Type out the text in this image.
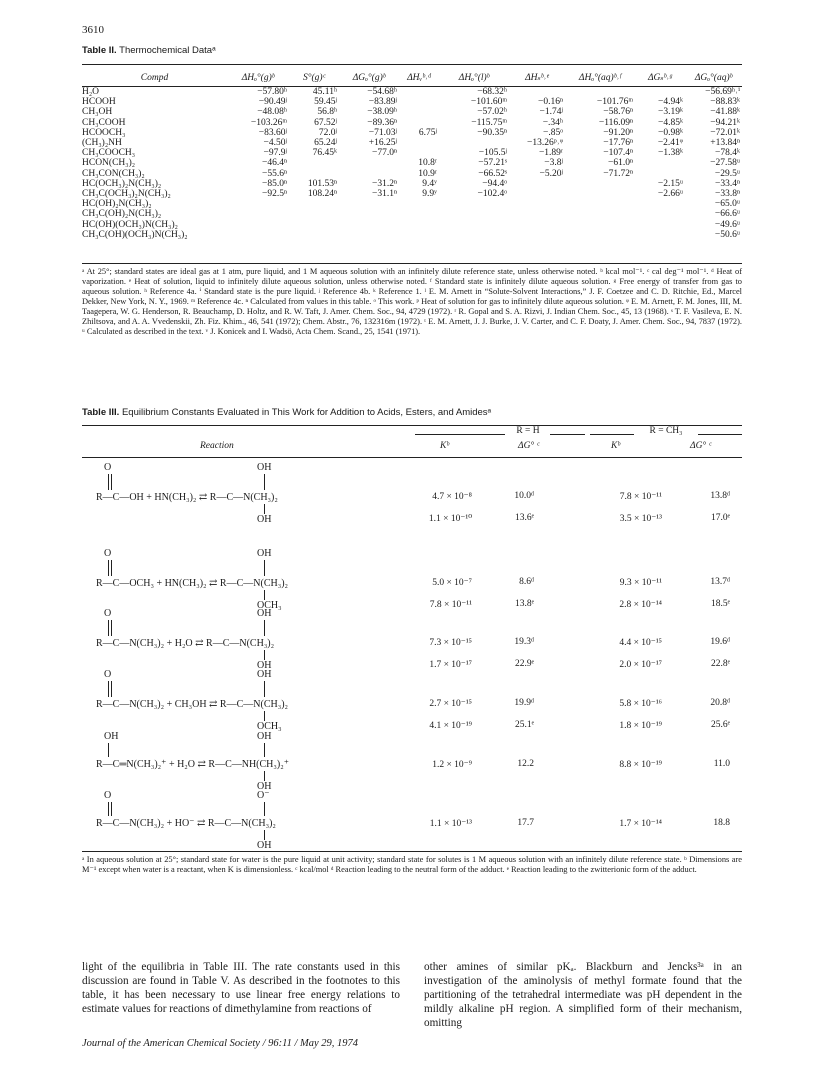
3610
Table II. Thermochemical Dataᵃ
Compd	ΔHₒ°(g)ᵇ	S°(g)ᶜ	ΔGₒ°(g)ᵇ	ΔHᵥᵇ˒ᵈ	ΔHₒ°(l)ᵇ	ΔHₛᵇ˒ᵉ	ΔHₒ°(aq)ᵇ˒ᶠ	ΔGₛᵇ˒ᵍ	ΔGₒ°(aq)ᵇ
H₂O	−57.80ʰ	45.11ʰ	−54.68ʰ		−68.32ʰ				−56.69ʰ˒ⁱ
HCOOH	−90.49ʲ	59.45ʲ	−83.89ʲ		−101.60ᵐ	−0.16ⁿ	−101.76ᵐ	−4.94ᵏ	−88.83ᵏ
CH₃OH	−48.08ʰ	56.8ʰ	−38.09ʰ		−57.02ʰ	−1.74ʲ	−58.76ⁿ	−3.19ᵏ	−41.88ᵏ
CH₃COOH	−103.26ᵐ	67.52ʲ	−89.36ⁿ		−115.75ᵐ	−.34ʰ	−116.09ⁿ	−4.85ᵏ	−94.21ᵏ
HCOOCH₃	−83.60ʲ	72.0ʲ	−71.03ʲ	6.75ʲ	−90.35ⁿ	−.85ᵒ	−91.20ⁿ	−0.98ᵏ	−72.01ᵏ
(CH₃)₂NH	−4.50ʲ	65.24ʲ	+16.25ʲ			−13.26ᵖ˒ᵠ	−17.76ⁿ	−2.41ᵠ	+13.84ⁿ
CH₃COOCH₃	−97.9ʲ	76.45ᵏ	−77.0ⁿ		−105.5ʲ	−1.89ʳ	−107.4ⁿ	−1.38ᵏ	−78.4ᵏ
HCON(CH₃)₂	−46.4ⁿ			10.8ʳ	−57.21ˢ	−3.8ʲ	−61.0ⁿ		−27.58ᵘ
CH₃CON(CH₃)₂	−55.6ⁿ			10.9ʳ	−66.52ˢ	−5.20ʲ	−71.72ⁿ		−29.5ᵘ
HC(OCH₃)₂N(CH₃)₂	−85.0ⁿ	101.53ⁿ	−31.2ⁿ	9.4ʸ	−94.4ᵒ			−2.15ᵘ	−33.4ⁿ
CH₃C(OCH₃)₂N(CH₃)₂	−92.5ⁿ	108.24ⁿ	−31.1ⁿ	9.9ʸ	−102.4ᵒ			−2.66ᵘ	−33.8ⁿ
HC(OH)₂N(CH₃)₂									−65.0ᵘ
CH₃C(OH)₂N(CH₃)₂									−66.6ᵘ
HC(OH)(OCH₃)N(CH₃)₂									−49.6ᵘ
CH₃C(OH)(OCH₃)N(CH₃)₂									−50.6ᵘ
ᵃ At 25°; standard states are ideal gas at 1 atm, pure liquid, and 1 M aqueous solution with an infinitely dilute reference state, unless otherwise noted. ᵇ kcal mol⁻¹. ᶜ cal deg⁻¹ mol⁻¹. ᵈ Heat of vaporization. ᵉ Heat of solution, liquid to infinitely dilute aqueous solution, unless otherwise noted. ᶠ Standard state is infinitely dilute aqueous solution. ᵍ Free energy of transfer from gas to aqueous solution. ʰ Reference 4a. ⁱ Standard state is the pure liquid. ʲ Reference 4b. ᵏ Reference 1. ˡ E. M. Arnett in “Solute-Solvent Interactions,” J. F. Coetzee and C. D. Ritchie, Ed., Marcel Dekker, New York, N. Y., 1969. ᵐ Reference 4c. ⁿ Calculated from values in this table. ᵒ This work. ᵖ Heat of solution for gas to infinitely dilute aqueous solution. ᵠ E. M. Arnett, F. M. Jones, III, M. Taagepera, W. G. Henderson, R. Beauchamp, D. Holtz, and R. W. Taft, J. Amer. Chem. Soc., 94, 4729 (1972). ʳ R. Gopal and S. A. Rizvi, J. Indian Chem. Soc., 45, 13 (1968). ˢ T. F. Vasileva, E. N. Zhiltsova, and A. A. Vvedenskii, Zh. Fiz. Khim., 46, 541 (1972); Chem. Abstr., 76, 132316m (1972). ᵗ E. M. Arnett, J. J. Burke, J. V. Carter, and C. F. Doaty, J. Amer. Chem. Soc., 94, 7837 (1972). ᵘ Calculated as described in the text. ᵛ J. Konicek and I. Wadsö, Acta Chem. Scand., 25, 1541 (1971).
Table III. Equilibrium Constants Evaluated in This Work for Addition to Acids, Esters, and Amidesᵃ
R = H	R = CH₃
Reaction	Kᵇ	ΔG° ᶜ	Kᵇ	ΔG° ᶜ
O	OH
R—C—OH + HN(CH₃)₂ ⇄ R—C—N(CH₃)₂
OH
4.7 × 10⁻⁸	10.0ᵈ	7.8 × 10⁻¹¹	13.8ᵈ
1.1 × 10⁻¹⁰	13.6ᵉ	3.5 × 10⁻¹³	17.0ᵉ
O	OH
R—C—OCH₃ + HN(CH₃)₂ ⇄ R—C—N(CH₃)₂
OCH₃
5.0 × 10⁻⁷	8.6ᵈ	9.3 × 10⁻¹¹	13.7ᵈ
7.8 × 10⁻¹¹	13.8ᵉ	2.8 × 10⁻¹⁴	18.5ᵉ
O	OH
R—C—N(CH₃)₂ + H₂O ⇄ R—C—N(CH₃)₂
OH
7.3 × 10⁻¹⁵	19.3ᵈ	4.4 × 10⁻¹⁵	19.6ᵈ
1.7 × 10⁻¹⁷	22.9ᵉ	2.0 × 10⁻¹⁷	22.8ᵉ
O	OH
R—C—N(CH₃)₂ + CH₃OH ⇄ R—C—N(CH₃)₂
OCH₃
2.7 × 10⁻¹⁵	19.9ᵈ	5.8 × 10⁻¹⁶	20.8ᵈ
4.1 × 10⁻¹⁹	25.1ᵉ	1.8 × 10⁻¹⁹	25.6ᵉ
OH	OH
R—C═N(CH₃)₂⁺ + H₂O ⇄ R—C—NH(CH₃)₂⁺
OH
1.2 × 10⁻⁹	12.2	8.8 × 10⁻¹⁹	11.0
O	O⁻
R—C—N(CH₃)₂ + HO⁻ ⇄ R—C—N(CH₃)₂
OH
1.1 × 10⁻¹³	17.7	1.7 × 10⁻¹⁴	18.8
ᵃ In aqueous solution at 25°; standard state for water is the pure liquid at unit activity; standard state for solutes is 1 M aqueous solution with an infinitely dilute reference state. ᵇ Dimensions are M⁻¹ except when water is a reactant, when K is dimensionless. ᶜ kcal/mol ᵈ Reaction leading to the neutral form of the adduct. ᵉ Reaction leading to the zwitterionic form of the adduct.
light of the equilibria in Table III. The rate constants used in this discussion are found in Table V. As described in the footnotes to this table, it has been necessary to use linear free energy relations to estimate values for reactions of dimethylamine from reactions of
other amines of similar pKₐ. Blackburn and Jencks³ᵃ in an investigation of the aminolysis of methyl formate found that the partitioning of the tetrahedral intermediate was pH dependent in the mildly alkaline pH region. A simplified form of their mechanism, omitting
Journal of the American Chemical Society / 96:11 / May 29, 1974
